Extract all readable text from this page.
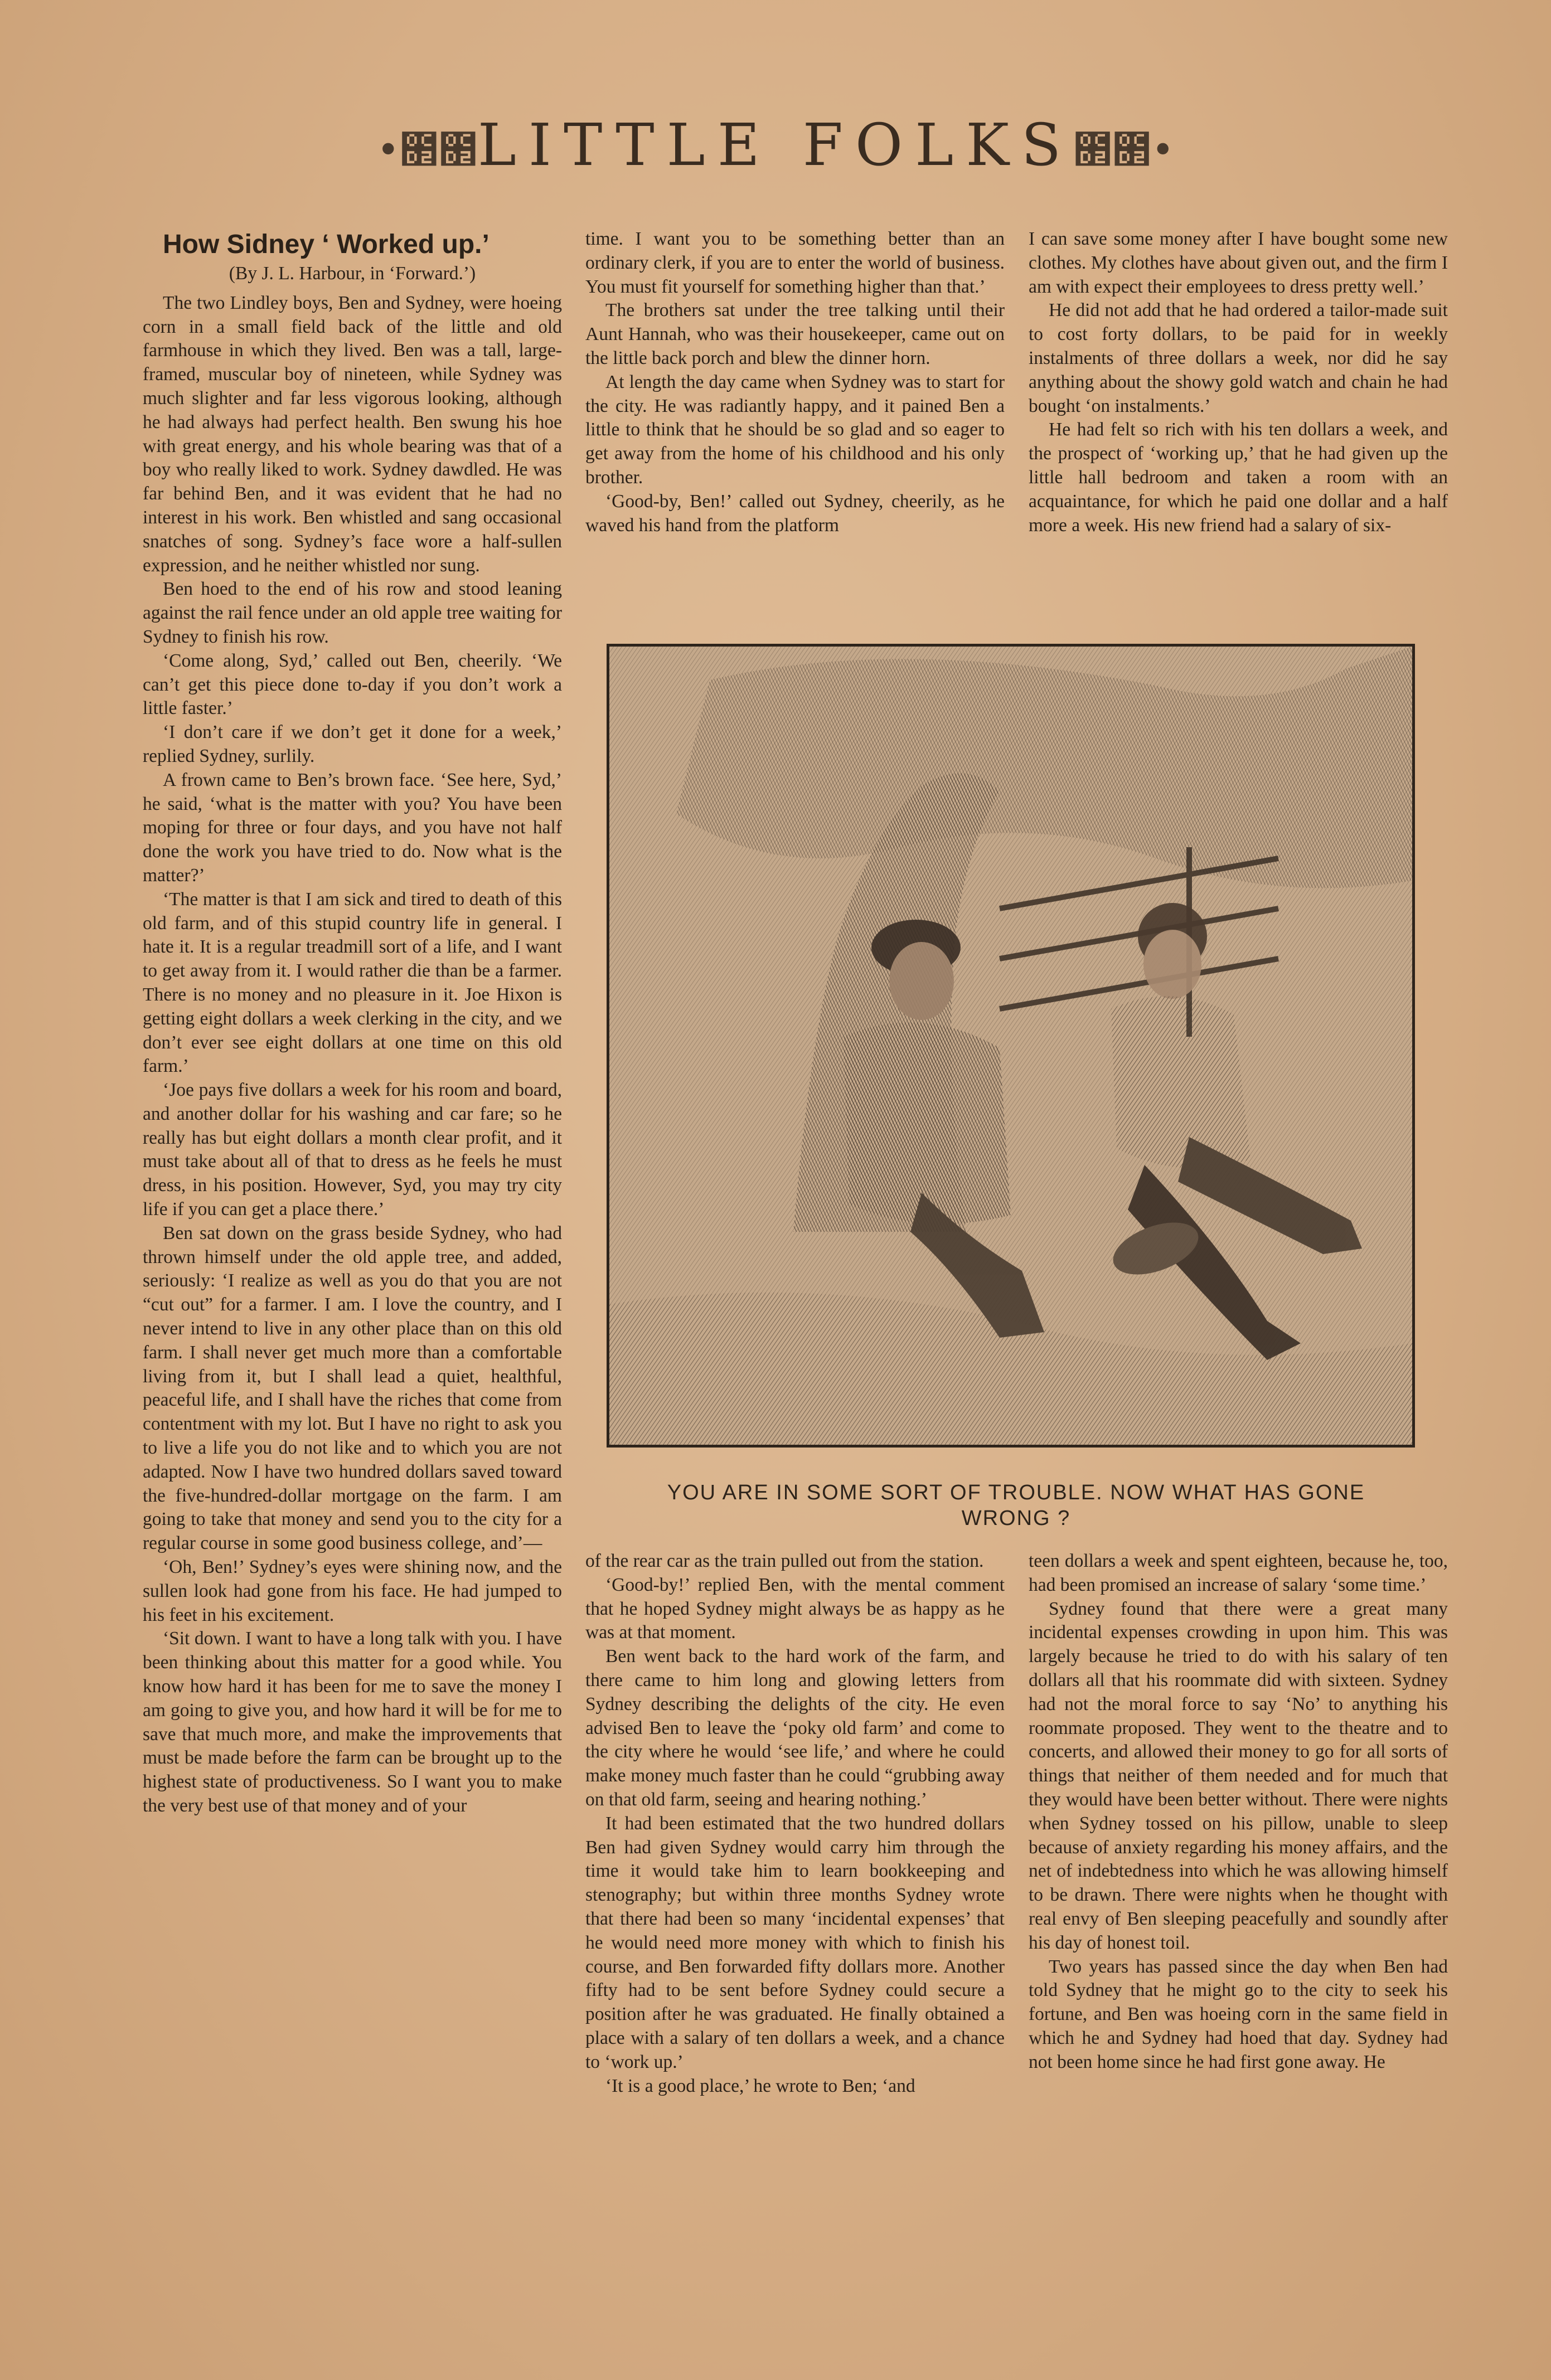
•೒೒LITTLE FOLKS೒೒•

How Sidney ‘ Worked up.’

(By J. L. Harbour, in ‘Forward.’)

The two Lindley boys, Ben and Sydney, were hoeing corn in a small field back of the little and old farmhouse in which they lived. Ben was a tall, large-framed, muscular boy of nineteen, while Sydney was much slighter and far less vigorous looking, although he had always had perfect health. Ben swung his hoe with great energy, and his whole bearing was that of a boy who really liked to work. Sydney dawdled. He was far behind Ben, and it was evident that he had no interest in his work. Ben whistled and sang occasional snatches of song. Sydney’s face wore a half-sullen expression, and he neither whistled nor sung.

Ben hoed to the end of his row and stood leaning against the rail fence under an old apple tree waiting for Sydney to finish his row.

‘Come along, Syd,’ called out Ben, cheerily. ‘We can’t get this piece done to-day if you don’t work a little faster.’

‘I don’t care if we don’t get it done for a week,’ replied Sydney, surlily.

A frown came to Ben’s brown face. ‘See here, Syd,’ he said, ‘what is the matter with you? You have been moping for three or four days, and you have not half done the work you have tried to do. Now what is the matter?’

‘The matter is that I am sick and tired to death of this old farm, and of this stupid country life in general. I hate it. It is a regular treadmill sort of a life, and I want to get away from it. I would rather die than be a farmer. There is no money and no pleasure in it. Joe Hixon is getting eight dollars a week clerking in the city, and we don’t ever see eight dollars at one time on this old farm.’

‘Joe pays five dollars a week for his room and board, and another dollar for his washing and car fare; so he really has but eight dollars a month clear profit, and it must take about all of that to dress as he feels he must dress, in his position. However, Syd, you may try city life if you can get a place there.’

Ben sat down on the grass beside Sydney, who had thrown himself under the old apple tree, and added, seriously: ‘I realize as well as you do that you are not “cut out” for a farmer. I am. I love the country, and I never intend to live in any other place than on this old farm. I shall never get much more than a comfortable living from it, but I shall lead a quiet, healthful, peaceful life, and I shall have the riches that come from contentment with my lot. But I have no right to ask you to live a life you do not like and to which you are not adapted. Now I have two hundred dollars saved toward the five-hundred-dollar mortgage on the farm. I am going to take that money and send you to the city for a regular course in some good business college, and’—

‘Oh, Ben!’ Sydney’s eyes were shining now, and the sullen look had gone from his face. He had jumped to his feet in his excitement.

‘Sit down. I want to have a long talk with you. I have been thinking about this matter for a good while. You know how hard it has been for me to save the money I am going to give you, and how hard it will be for me to save that much more, and make the improvements that must be made before the farm can be brought up to the highest state of productiveness. So I want you to make the very best use of that money and of your

time. I want you to be something better than an ordinary clerk, if you are to enter the world of business. You must fit yourself for something higher than that.’

The brothers sat under the tree talking until their Aunt Hannah, who was their housekeeper, came out on the little back porch and blew the dinner horn.

At length the day came when Sydney was to start for the city. He was radiantly happy, and it pained Ben a little to think that he should be so glad and so eager to get away from the home of his childhood and his only brother.

‘Good-by, Ben!’ called out Sydney, cheerily, as he waved his hand from the platform

I can save some money after I have bought some new clothes. My clothes have about given out, and the firm I am with expect their employees to dress pretty well.’

He did not add that he had ordered a tailor-made suit to cost forty dollars, to be paid for in weekly instalments of three dollars a week, nor did he say anything about the showy gold watch and chain he had bought ‘on instalments.’

He had felt so rich with his ten dollars a week, and the prospect of ‘working up,’ that he had given up the little hall bedroom and taken a room with an acquaintance, for which he paid one dollar and a half more a week. His new friend had a salary of six-

YOU ARE IN SOME SORT OF TROUBLE. NOW WHAT HAS GONE
WRONG ?

of the rear car as the train pulled out from the station.

‘Good-by!’ replied Ben, with the mental comment that he hoped Sydney might always be as happy as he was at that moment.

Ben went back to the hard work of the farm, and there came to him long and glowing letters from Sydney describing the delights of the city. He even advised Ben to leave the ‘poky old farm’ and come to the city where he would ‘see life,’ and where he could make money much faster than he could “grubbing away on that old farm, seeing and hearing nothing.’

It had been estimated that the two hundred dollars Ben had given Sydney would carry him through the time it would take him to learn bookkeeping and stenography; but within three months Sydney wrote that there had been so many ‘incidental expenses’ that he would need more money with which to finish his course, and Ben forwarded fifty dollars more. Another fifty had to be sent before Sydney could secure a position after he was graduated. He finally obtained a place with a salary of ten dollars a week, and a chance to ‘work up.’

‘It is a good place,’ he wrote to Ben; ‘and

teen dollars a week and spent eighteen, because he, too, had been promised an increase of salary ‘some time.’

Sydney found that there were a great many incidental expenses crowding in upon him. This was largely because he tried to do with his salary of ten dollars all that his roommate did with sixteen. Sydney had not the moral force to say ‘No’ to anything his roommate proposed. They went to the theatre and to concerts, and allowed their money to go for all sorts of things that neither of them needed and for much that they would have been better without. There were nights when Sydney tossed on his pillow, unable to sleep because of anxiety regarding his money affairs, and the net of indebtedness into which he was allowing himself to be drawn. There were nights when he thought with real envy of Ben sleeping peacefully and soundly after his day of honest toil.

Two years has passed since the day when Ben had told Sydney that he might go to the city to seek his fortune, and Ben was hoeing corn in the same field in which he and Sydney had hoed that day. Sydney had not been home since he had first gone away. He
